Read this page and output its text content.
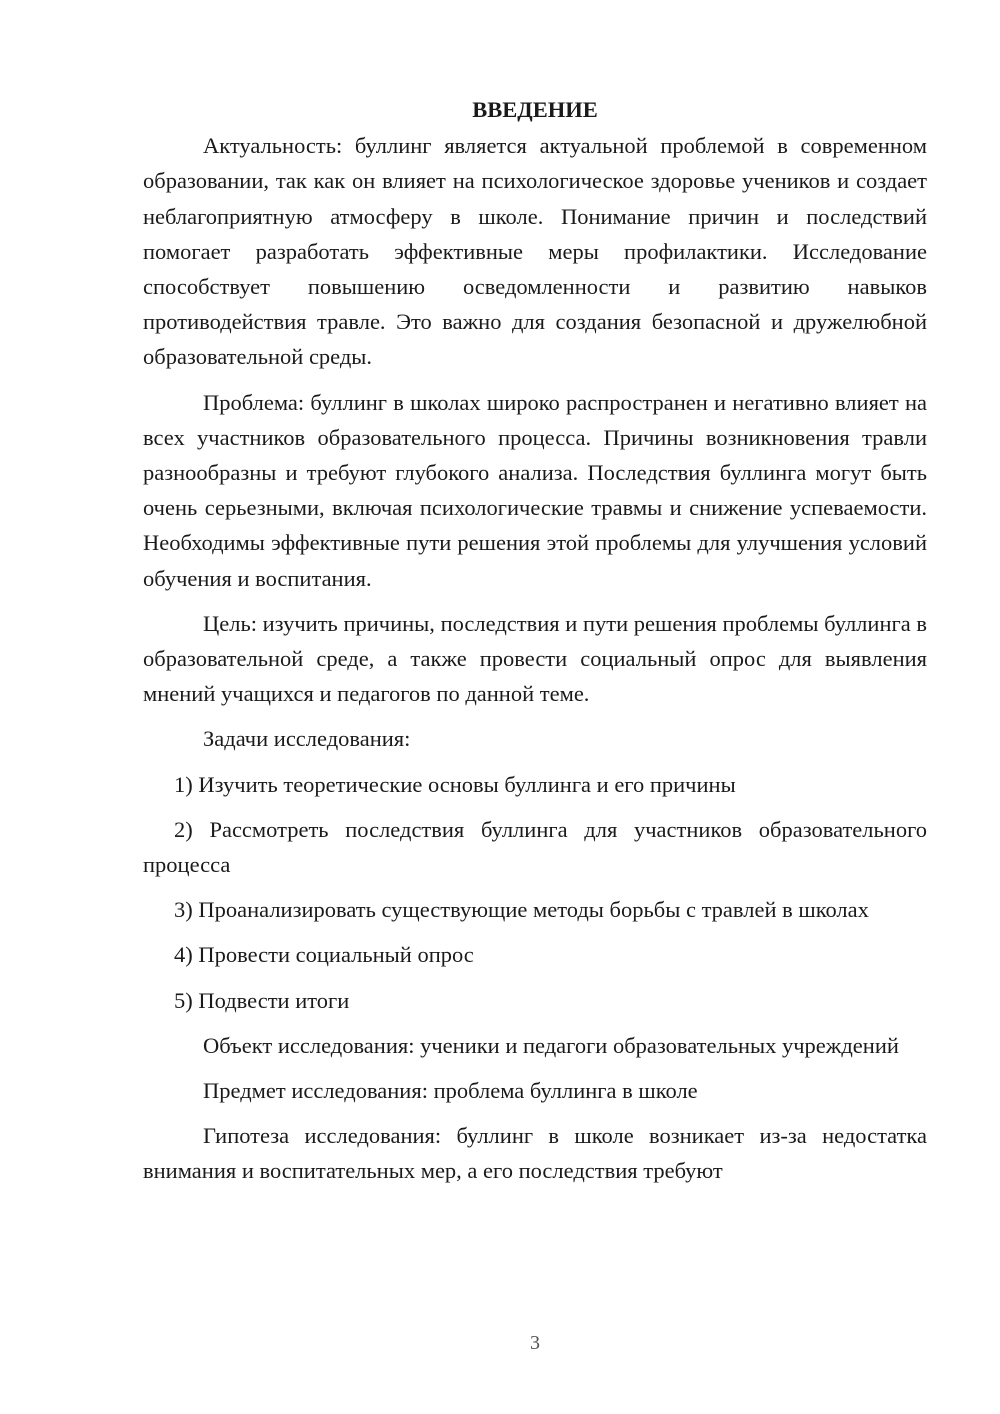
ВВЕДЕНИЕ

Актуальность: буллинг является актуальной проблемой в современном образовании, так как он влияет на психологическое здоровье учеников и создает неблагоприятную атмосферу в школе. Понимание причин и последствий помогает разработать эффективные меры профилактики. Исследование способствует повышению осведомленности и развитию навыков противодействия травле. Это важно для создания безопасной и дружелюбной образовательной среды.

Проблема: буллинг в школах широко распространен и негативно влияет на всех участников образовательного процесса. Причины возникновения травли разнообразны и требуют глубокого анализа. Последствия буллинга могут быть очень серьезными, включая психологические травмы и снижение успеваемости. Необходимы эффективные пути решения этой проблемы для улучшения условий обучения и воспитания.

Цель: изучить причины, последствия и пути решения проблемы буллинга в образовательной среде, а также провести социальный опрос для выявления мнений учащихся и педагогов по данной теме.

Задачи исследования:

1) Изучить теоретические основы буллинга и его причины

2) Рассмотреть последствия буллинга для участников образовательного процесса

3) Проанализировать существующие методы борьбы с травлей в школах

4) Провести социальный опрос

5) Подвести итоги

Объект исследования: ученики и педагоги образовательных учреждений

Предмет исследования: проблема буллинга в школе

Гипотеза исследования: буллинг в школе возникает из-за недостатка внимания и воспитательных мер, а его последствия требуют

3
